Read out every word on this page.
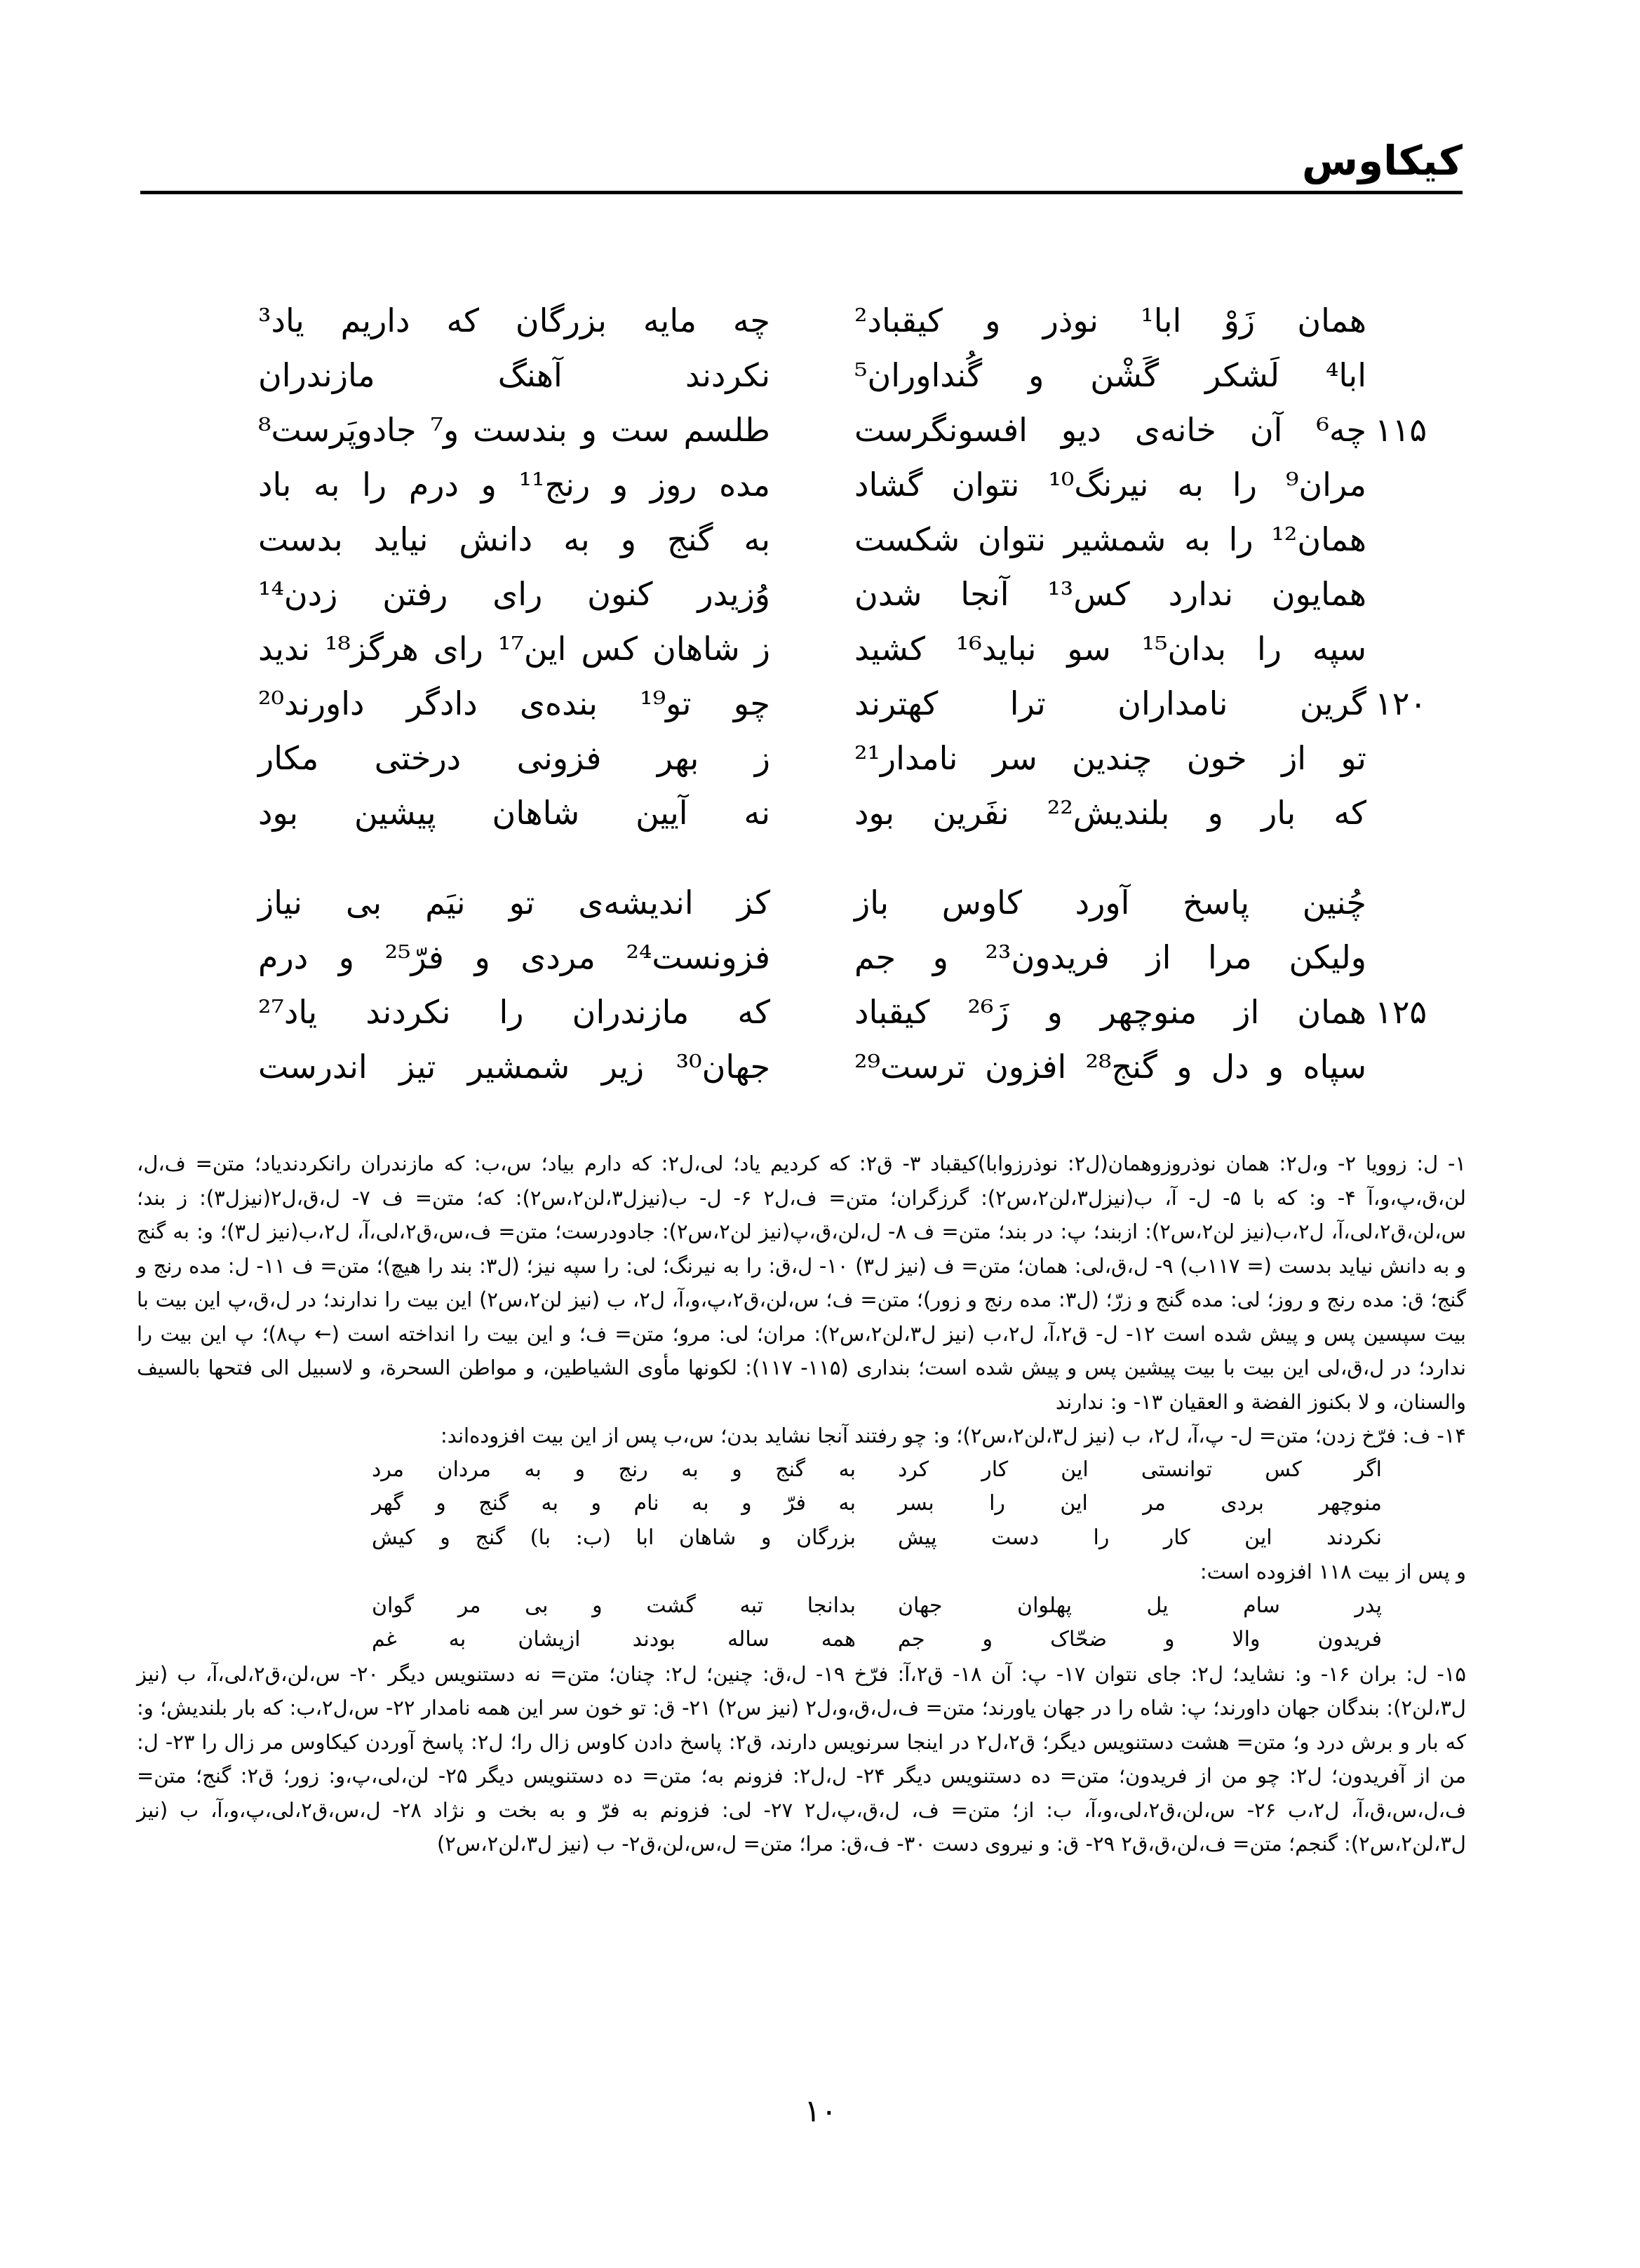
کیکاوس
همان زَوْ ابا¹ نوذر و کیقباد²
چه مایه بزرگان که داریم یاد³
ابا⁴ لَشکر گَشْن و گُنداوران⁵
نکردند آهنگ مازندران
۱۱۵
چه⁶ آن خانه‌ی دیو افسونگرست
طلسم ست و بندست و⁷ جادوپَرست⁸
مران⁹ را به نیرنگ¹⁰ نتوان گشاد
مده روز و رنج¹¹ و درم را به باد
همان¹² را به شمشیر نتوان شکست
به گنج و به دانش نیاید بدست
همایون ندارد کس¹³ آنجا شدن
وُزیدر کنون رای رفتن زدن¹⁴
سپه را بدان¹⁵ سو نباید¹⁶ کشید
ز شاهان کس این¹⁷ رای هرگز¹⁸ ندید
۱۲۰
گرین نامداران ترا کهترند
چو تو¹⁹ بنده‌ی دادگر داورند²⁰
تو از خون چندین سر نامدار²¹
ز بهر فزونی درختی مکار
که بار و بلندیش²² نفَرین بود
نه آیین شاهان پیشین بود
چُنین پاسخ آورد کاوس باز
کز اندیشه‌ی تو نیَم بی نیاز
ولیکن مرا از فریدون²³ و جم
فزونست²⁴ مردی و فرّ²⁵ و درم
۱۲۵
همان از منوچهر و زَ²⁶ کیقباد
که مازندران را نکردند یاد²⁷
سپاه و دل و گنج²⁸ افزون ترست²⁹
جهان³⁰ زیر شمشیر تیز اندرست

۱- ل: زوویا ۲- و،ل۲: همان نوذروزوهمان(ل۲: نوذرزوابا)کیقباد ۳- ق۲: که کردیم یاد؛ لی،ل۲: که دارم بیاد؛ س،ب: که مازندران رانکردندیاد؛ متن= ف،ل، لن،ق،پ،و،آ ۴- و: که با ۵- ل- آ، ب(نیزل۳،لن۲،س۲): گرزگران؛ متن= ف،ل۲ ۶- ل- ب(نیزل۳،لن۲،س۲): که؛ متن= ف ۷- ل،ق،ل۲(نیزل۳): ز بند؛ س،لن،ق۲،لی،آ، ل۲،ب(نیز لن۲،س۲): ازبند؛ پ: در بند؛ متن= ف ۸- ل،لن،ق،پ(نیز لن۲،س۲): جادودرست؛ متن= ف،س،ق۲،لی،آ، ل۲،ب(نیز ل۳)؛ و: به گنج و به دانش نیاید بدست (= ۱۱۷ب) ۹- ل،ق،لی: همان؛ متن= ف (نیز ل۳) ۱۰- ل،ق: را به نیرنگ؛ لی: را سپه نیز؛ (ل۳: بند را هیچ)؛ متن= ف ۱۱- ل: مده رنج و گنج؛ ق: مده رنج و روز؛ لی: مده گنج و زرّ؛ (ل۳: مده رنج و زور)؛ متن= ف؛ س،لن،ق۲،پ،و،آ، ل۲، ب (نیز لن۲،س۲) این بیت را ندارند؛ در ل،ق،پ این بیت با بیت سپسین پس و پیش شده است ۱۲- ل- ق۲،آ، ل۲،ب (نیز ل۳،لن۲،س۲): مران؛ لی: مرو؛ متن= ف؛ و این بیت را انداخته است (← پ۸)؛ پ این بیت را ندارد؛ در ل،ق،لی این بیت با بیت پیشین پس و پیش شده است؛ بنداری (۱۱۵- ۱۱۷): لکونها مأوی الشیاطین، و مواطن السحرة، و لاسبیل الی فتحها بالسیف والسنان، و لا بکنوز الفضة و العقیان ۱۳- و: ندارند

۱۴- ف: فرّخ زدن؛ متن= ل- پ،آ، ل۲، ب (نیز ل۳،لن۲،س۲)؛ و: چو رفتند آنجا نشاید بدن؛ س،ب پس از این بیت افزوده‌اند:

اگر کس توانستی این کار کرد
به گنج و به رنج و به مردان مرد
منوچهر بردی مر این را بسر
به فرّ و به نام و به گنج و گهر
نکردند این کار را دست پیش
بزرگان و شاهان ابا (ب: با) گنج و کیش

و پس از بیت ۱۱۸ افزوده است:

پدر سام یل پهلوان جهان
بدانجا تبه گشت و بی مر گوان
فریدون والا و ضحّاک و جم
همه ساله بودند ازیشان به غم

۱۵- ل: بران ۱۶- و: نشاید؛ ل۲: جای نتوان ۱۷- پ: آن ۱۸- ق۲،آ: فرّخ ۱۹- ل،ق: چنین؛ ل۲: چنان؛ متن= نه دستنویس دیگر ۲۰- س،لن،ق۲،لی،آ، ب (نیز ل۳،لن۲): بندگان جهان داورند؛ پ: شاه را در جهان یاورند؛ متن= ف،ل،ق،و،ل۲ (نیز س۲) ۲۱- ق: تو خون سر این همه نامدار ۲۲- س،ل۲،ب: که بار بلندیش؛ و: که بار و برش درد و؛ متن= هشت دستنویس دیگر؛ ق۲،ل۲ در اینجا سرنویس دارند، ق۲: پاسخ دادن کاوس زال را؛ ل۲: پاسخ آوردن کیکاوس مر زال را ۲۳- ل: من از آفریدون؛ ل۲: چو من از فریدون؛ متن= ده دستنویس دیگر ۲۴- ل،ل۲: فزونم به؛ متن= ده دستنویس دیگر ۲۵- لن،لی،پ،و: زور؛ ق۲: گنج؛ متن= ف،ل،س،ق،آ، ل۲،ب ۲۶- س،لن،ق۲،لی،و،آ، ب: از؛ متن= ف، ل،ق،پ،ل۲ ۲۷- لی: فزونم به فرّ و به بخت و نژاد ۲۸- ل،س،ق۲،لی،پ،و،آ، ب (نیز ل۳،لن۲،س۲): گنجم؛ متن= ف،لن،ق،ق۲ ۲۹- ق: و نیروی دست ۳۰- ف،ق: مرا؛ متن= ل،س،لن،ق۲- ب (نیز ل۳،لن۲،س۲)

۱۰
